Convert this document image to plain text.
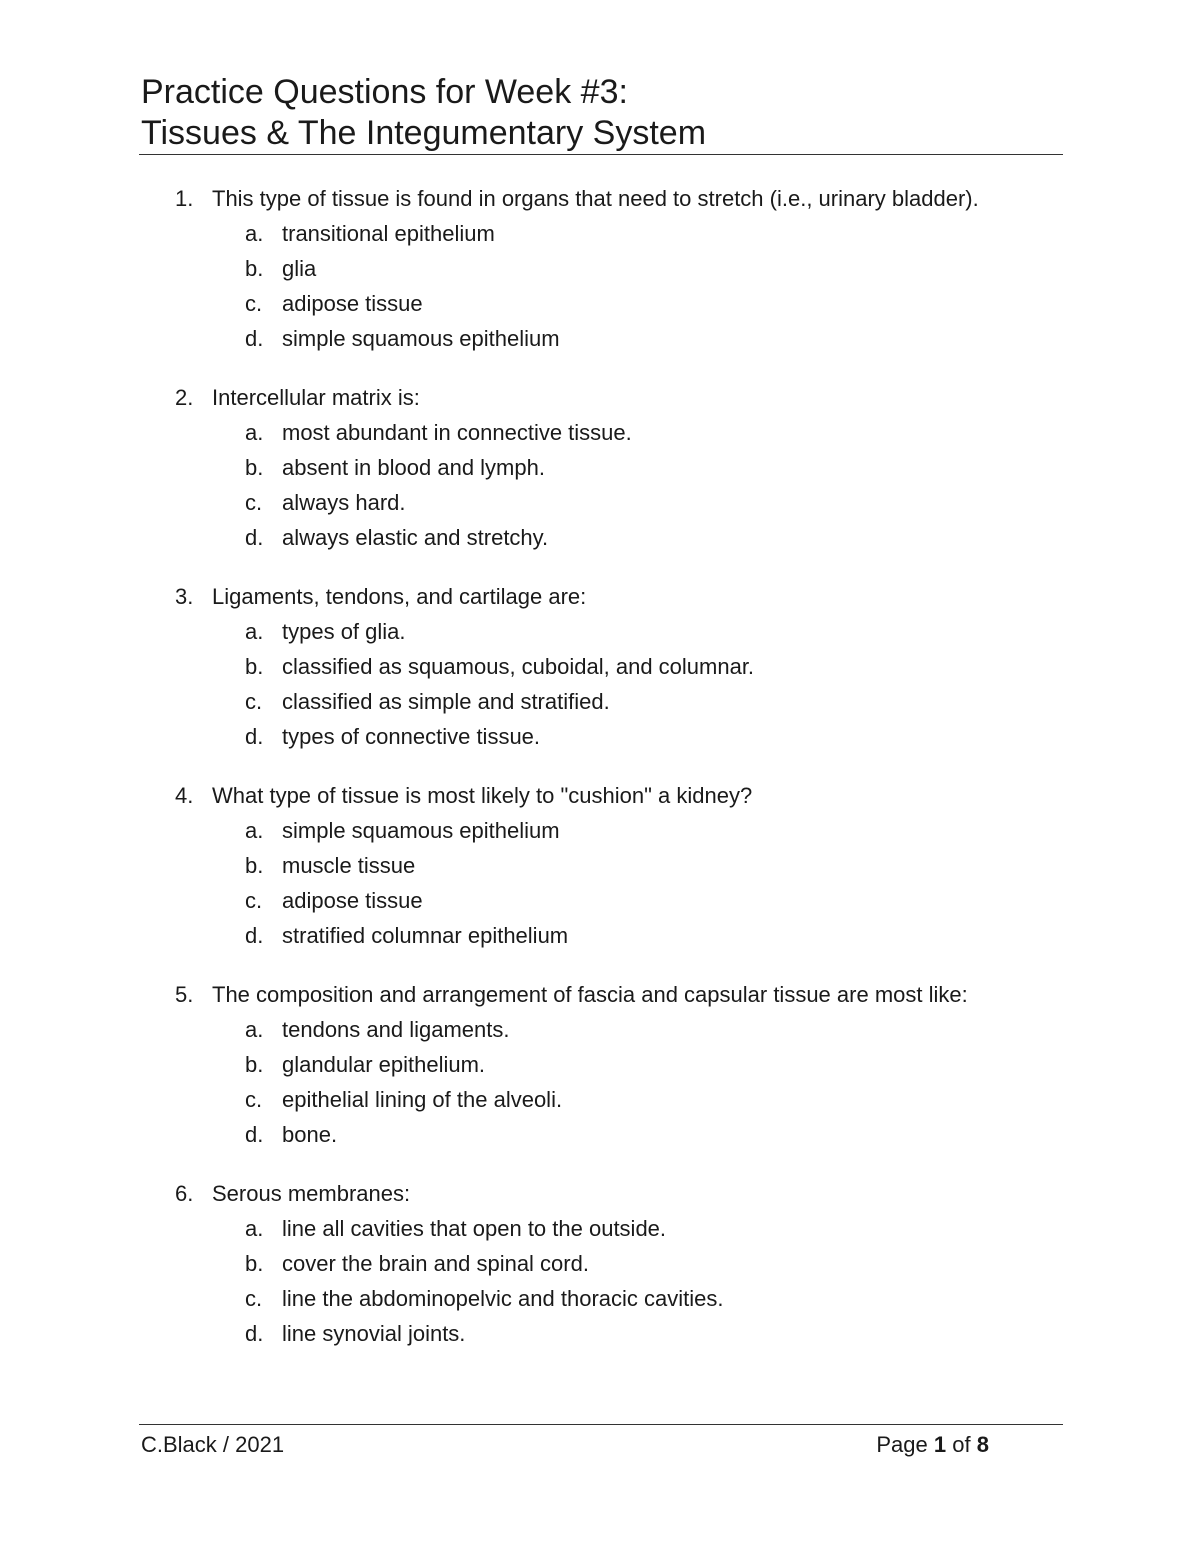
Practice Questions for Week #3:
Tissues & The Integumentary System
1. This type of tissue is found in organs that need to stretch (i.e., urinary bladder).
a. transitional epithelium
b. glia
c. adipose tissue
d. simple squamous epithelium
2. Intercellular matrix is:
a. most abundant in connective tissue.
b. absent in blood and lymph.
c. always hard.
d. always elastic and stretchy.
3. Ligaments, tendons, and cartilage are:
a. types of glia.
b. classified as squamous, cuboidal, and columnar.
c. classified as simple and stratified.
d. types of connective tissue.
4. What type of tissue is most likely to "cushion" a kidney?
a. simple squamous epithelium
b. muscle tissue
c. adipose tissue
d. stratified columnar epithelium
5. The composition and arrangement of fascia and capsular tissue are most like:
a. tendons and ligaments.
b. glandular epithelium.
c. epithelial lining of the alveoli.
d. bone.
6. Serous membranes:
a. line all cavities that open to the outside.
b. cover the brain and spinal cord.
c. line the abdominopelvic and thoracic cavities.
d. line synovial joints.
C.Black / 2021	Page 1 of 8
